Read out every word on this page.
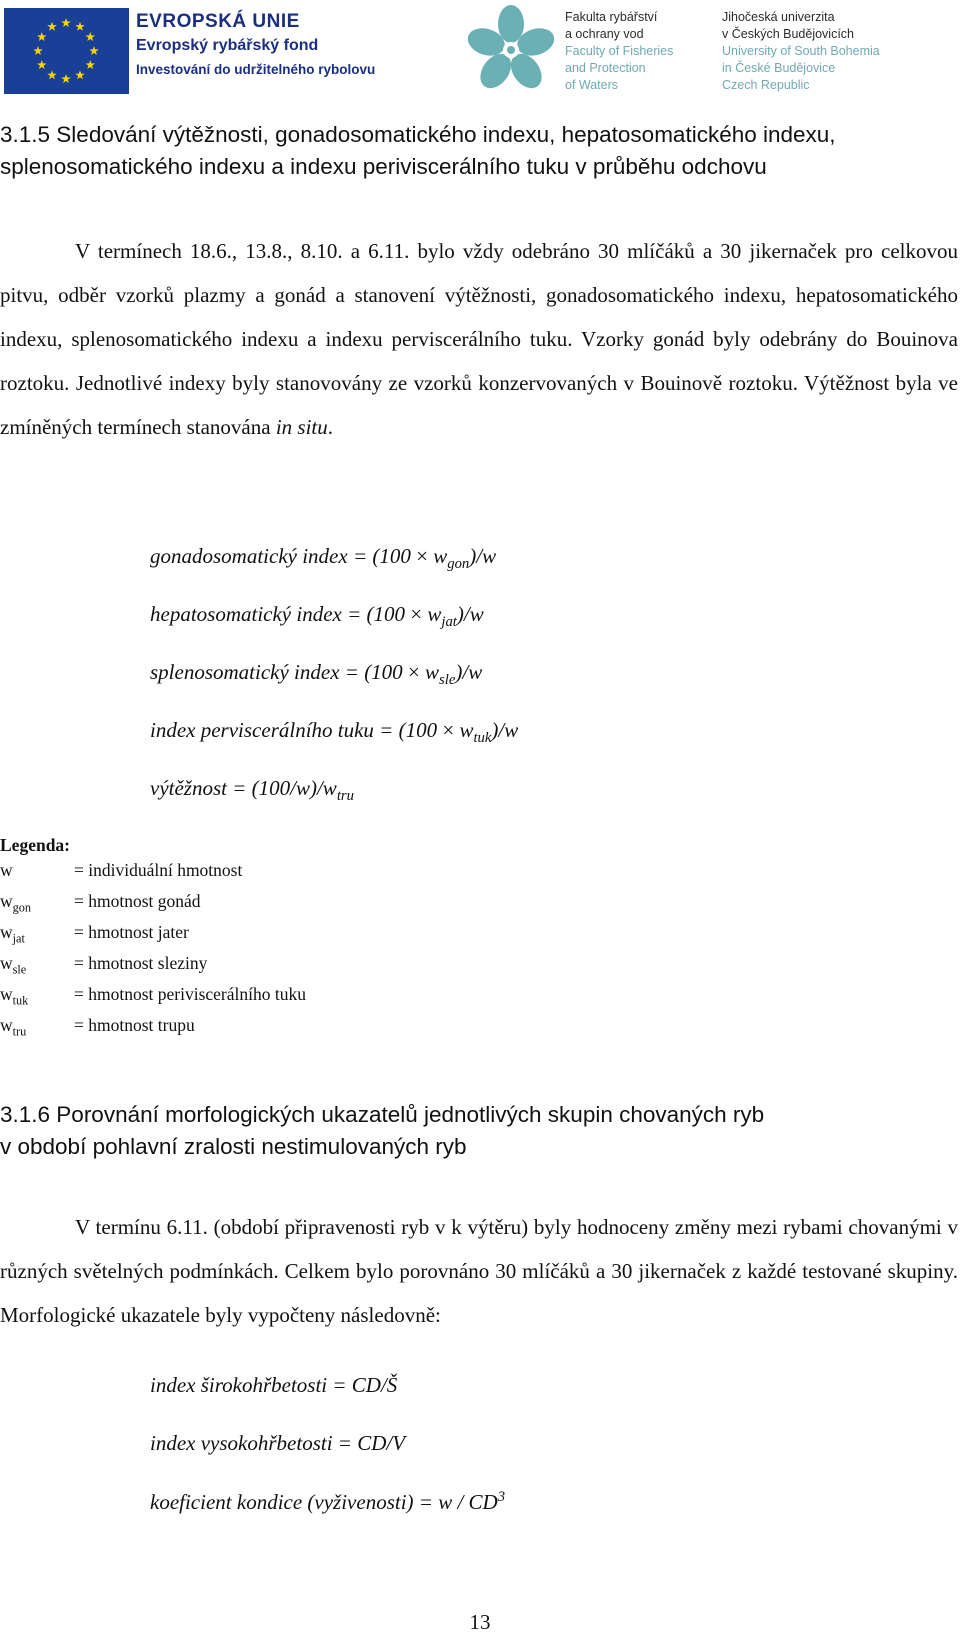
EVROPSKÁ UNIE
Evropský rybářský fond
Investování do udržitelného rybolovu
Fakulta rybářství
a ochrany vod
Faculty of Fisheries
and Protection
of Waters
Jihočeská univerzita
v Českých Budějovicích
University of South Bohemia
in České Budějovice
Czech Republic
3.1.5 Sledování výtěžnosti, gonadosomatického indexu, hepatosomatického indexu,
splenosomatického indexu a indexu periviscerálního tuku v průběhu odchovu
V termínech 18.6., 13.8., 8.10. a 6.11. bylo vždy odebráno 30 mlíčáků a 30 jikernaček pro celkovou pitvu, odběr vzorků plazmy a gonád a stanovení výtěžnosti, gonadosomatického indexu, hepatosomatického indexu, splenosomatického indexu a indexu perviscerálního tuku. Vzorky gonád byly odebrány do Bouinova roztoku. Jednotlivé indexy byly stanovovány ze vzorků konzervovaných v Bouinově roztoku. Výtěžnost byla ve zmíněných termínech stanována in situ.
gonadosomatický index = $(100 \times w_{gon})/w$
hepatosomatický index = $(100 \times w_{jat})/w$
splenosomatický index = $(100 \times w_{sle})/w$
index perviscerálního tuku = $(100 \times w_{tuk})/w$
výtěžnost = $(100/w)/w_{tru}$
Legenda:
w	= individuální hmotnost
$w_{gon}$	= hmotnost gonád
$w_{jat}$	= hmotnost jater
$w_{sle}$	= hmotnost sleziny
$w_{tuk}$	= hmotnost periviscerálního tuku
$w_{tru}$	= hmotnost trupu
3.1.6 Porovnání morfologických ukazatelů jednotlivých skupin chovaných ryb
v období pohlavní zralosti nestimulovaných ryb
V termínu 6.11. (období připravenosti ryb v k výtěru) byly hodnoceny změny mezi rybami chovanými v různých světelných podmínkách. Celkem bylo porovnáno 30 mlíčáků a 30 jikernaček z každé testované skupiny. Morfologické ukazatele byly vypočteny následovně:
index širokohřbetosti = CD/Š
index vysokohřbetosti = CD/V
koeficient kondice (vyživenosti) = w / $CD^3$
13
